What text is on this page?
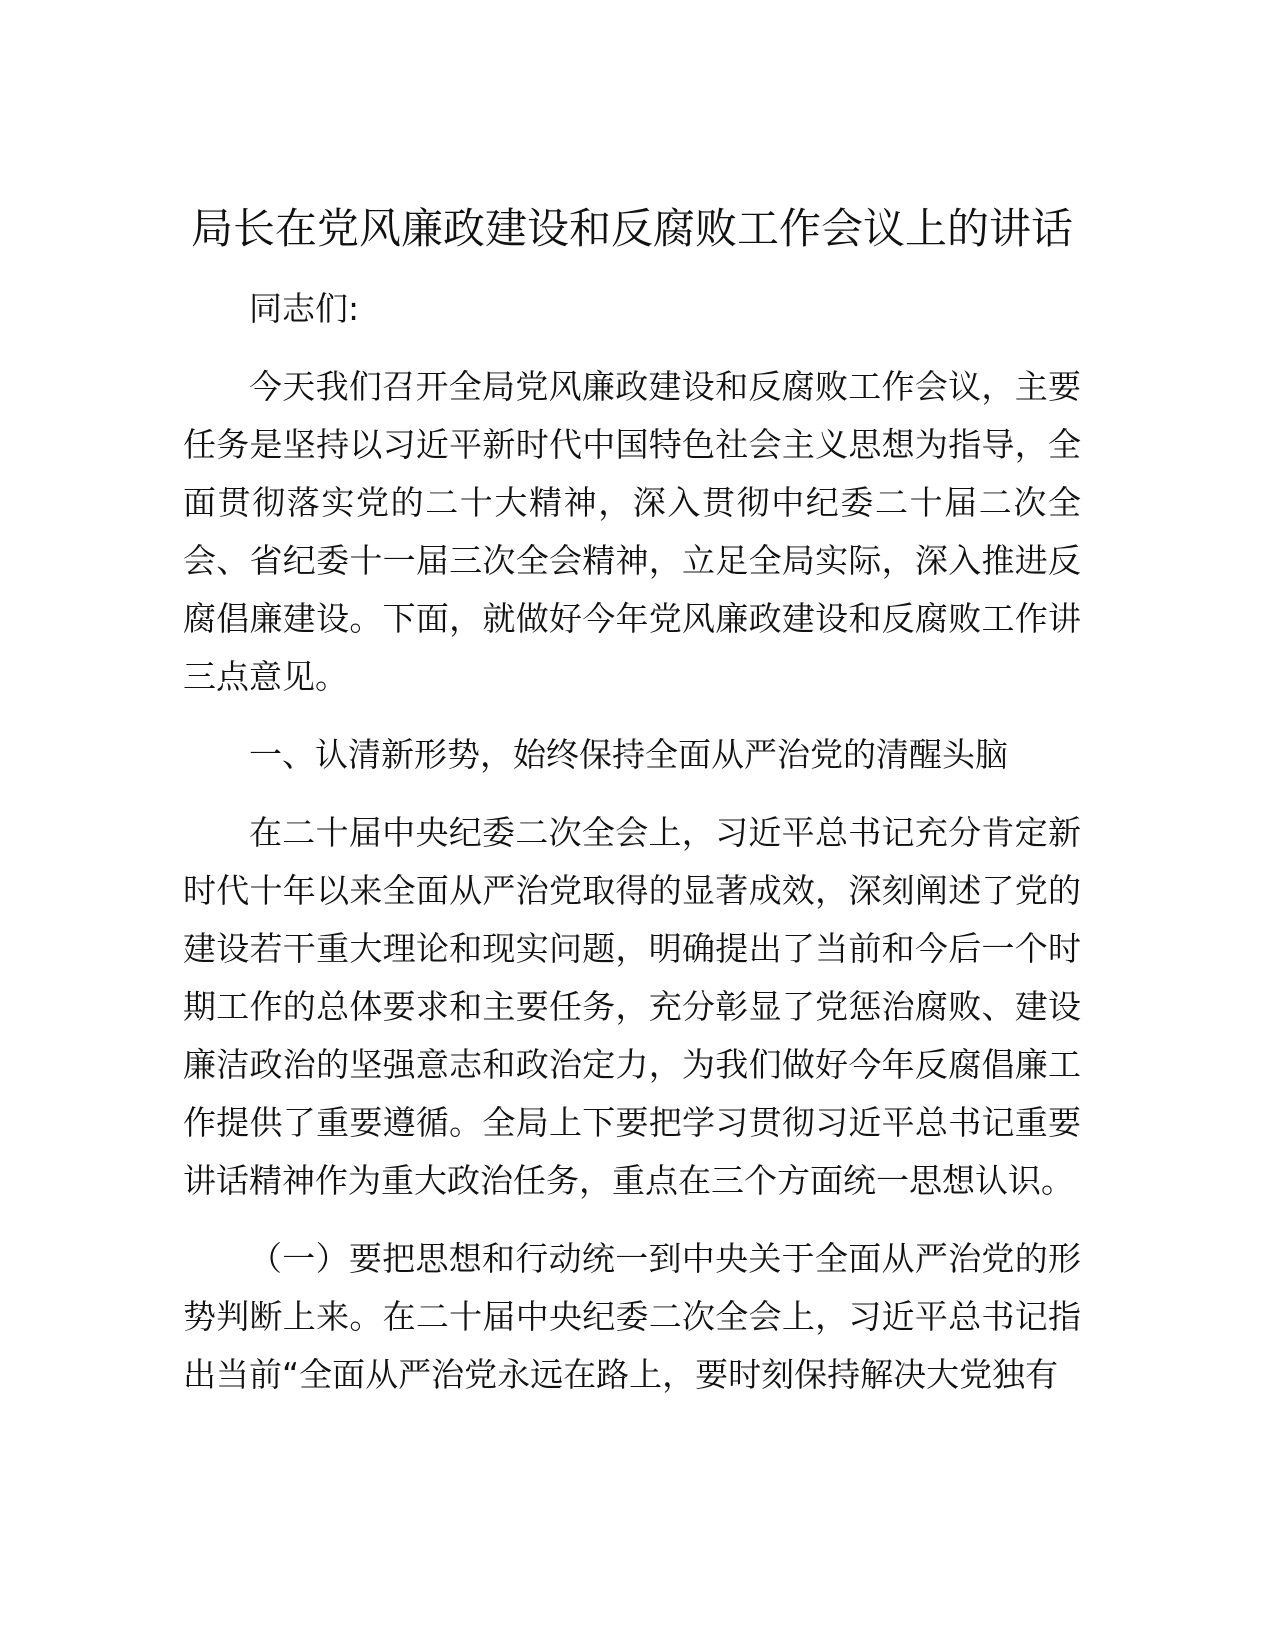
局长在党风廉政建设和反腐败工作会议上的讲话

同志们:

今天我们召开全局党风廉政建设和反腐败工作会议，主要任务是坚持以习近平新时代中国特色社会主义思想为指导，全面贯彻落实党的二十大精神，深入贯彻中纪委二十届二次全会、省纪委十一届三次全会精神，立足全局实际，深入推进反腐倡廉建设。下面，就做好今年党风廉政建设和反腐败工作讲三点意见。

一、认清新形势，始终保持全面从严治党的清醒头脑

在二十届中央纪委二次全会上，习近平总书记充分肯定新时代十年以来全面从严治党取得的显著成效，深刻阐述了党的建设若干重大理论和现实问题，明确提出了当前和今后一个时期工作的总体要求和主要任务，充分彰显了党惩治腐败、建设廉洁政治的坚强意志和政治定力，为我们做好今年反腐倡廉工作提供了重要遵循。全局上下要把学习贯彻习近平总书记重要讲话精神作为重大政治任务，重点在三个方面统一思想认识。

（一）要把思想和行动统一到中央关于全面从严治党的形势判断上来。在二十届中央纪委二次全会上，习近平总书记指出当前“全面从严治党永远在路上，要时刻保持解决大党独有
